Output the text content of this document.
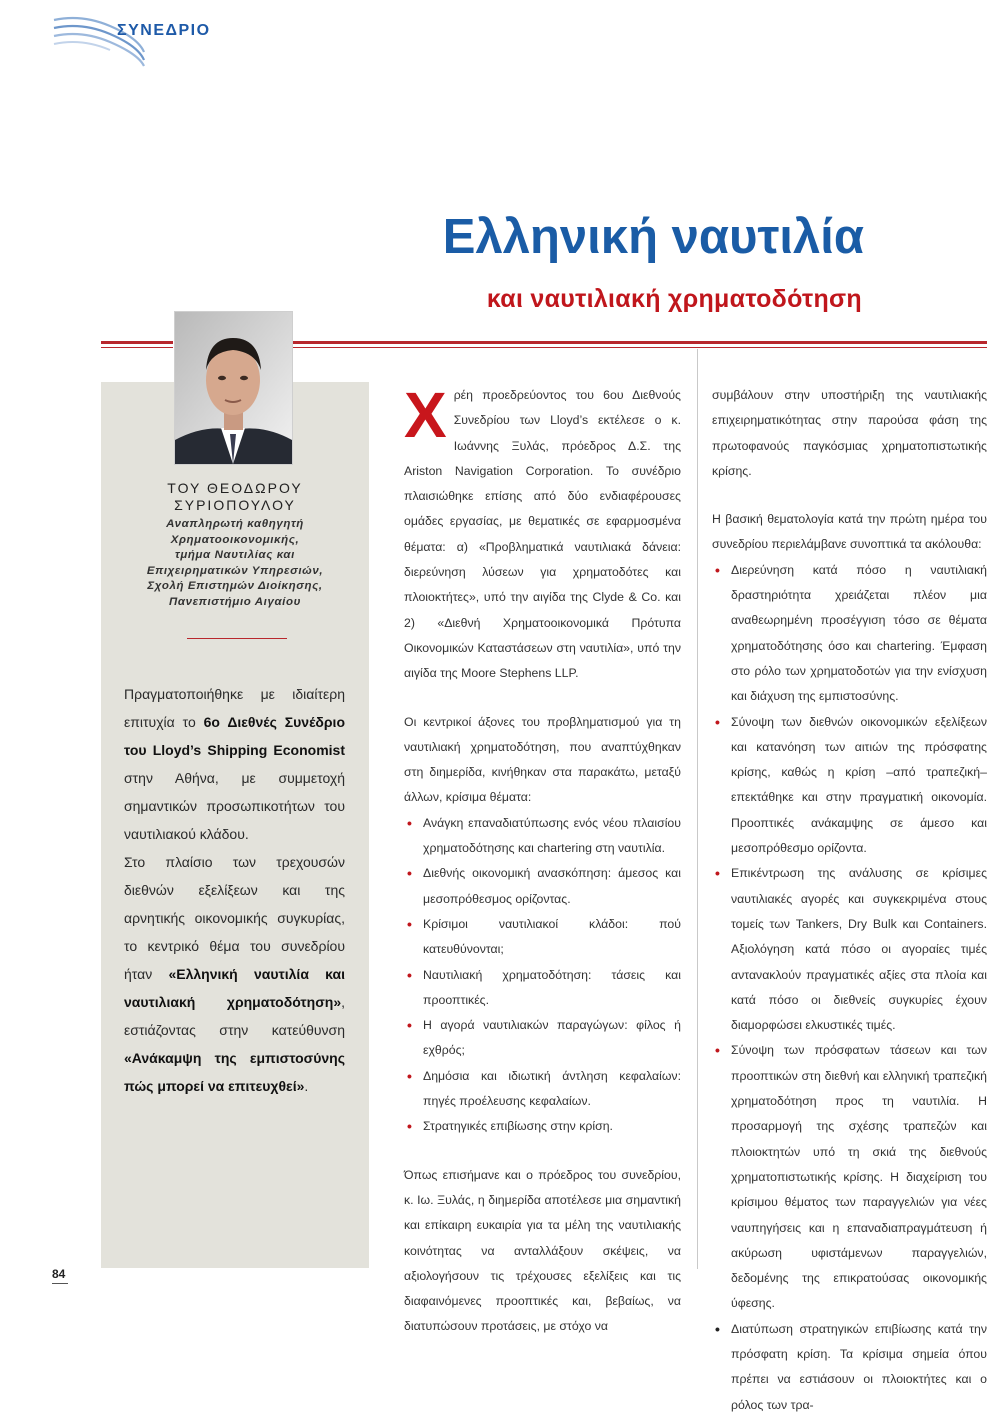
ΣΥΝΕΔΡΙΟ
Ελληνική ναυτιλία
και ναυτιλιακή χρηματοδότηση
ΤΟΥ ΘΕΟΔΩΡΟΥ
ΣΥΡΙΟΠΟΥΛΟΥ
Αναπληρωτή καθηγητή
Χρηματοοικονομικής,
τμήμα Ναυτιλίας και
Επιχειρηματικών Υπηρεσιών,
Σχολή Επιστημών Διοίκησης,
Πανεπιστήμιο Αιγαίου

Πραγματοποιήθηκε με ιδιαίτερη επιτυχία το 6ο Διεθνές Συνέδριο του Lloyd’s Shipping Economist στην Αθήνα, με συμμετοχή σημαντικών προσωπικοτήτων του ναυτιλιακού κλάδου.

Στο πλαίσιο των τρεχουσών διεθνών εξελίξεων και της αρνητικής οικονομικής συγκυρίας, το κεντρικό θέμα του συνεδρίου ήταν «Ελληνική ναυτιλία και ναυτιλιακή χρηματοδότηση», εστιάζοντας στην κατεύθυνση «Ανάκαμψη της εμπιστοσύνης πώς μπορεί να επιτευχθεί».

Χρέη προεδρεύοντος του 6ου Διεθνούς Συνεδρίου των Lloyd’s εκτέλεσε ο κ. Ιωάννης Ξυλάς, πρόεδρος Δ.Σ. της Ariston Navigation Corporation. Το συνέδριο πλαισιώθηκε επίσης από δύο ενδιαφέρουσες ομάδες εργασίας, με θεματικές σε εφαρμοσμένα θέματα: α) «Προβληματικά ναυτιλιακά δάνεια: διερεύνηση λύσεων για χρηματοδότες και πλοιοκτήτες», υπό την αιγίδα της Clyde & Co. και 2) «Διεθνή Χρηματοοικονομικά Πρότυπα Οικονομικών Καταστάσεων στη ναυτιλία», υπό την αιγίδα της Moore Stephens LLP.

Οι κεντρικοί άξονες του προβληματισμού για τη ναυτιλιακή χρηματοδότηση, που αναπτύχθηκαν στη διημερίδα, κινήθηκαν στα παρακάτω, μεταξύ άλλων, κρίσιμα θέματα:

• Ανάγκη επαναδιατύπωσης ενός νέου πλαισίου χρηματοδότησης και chartering στη ναυτιλία.
• Διεθνής οικονομική ανασκόπηση: άμεσος και μεσοπρόθεσμος ορίζοντας.
• Κρίσιμοι ναυτιλιακοί κλάδοι: πού κατευθύνονται;
• Ναυτιλιακή χρηματοδότηση: τάσεις και προοπτικές.
• Η αγορά ναυτιλιακών παραγώγων: φίλος ή εχθρός;
• Δημόσια και ιδιωτική άντληση κεφαλαίων: πηγές προέλευσης κεφαλαίων.
• Στρατηγικές επιβίωσης στην κρίση.

Όπως επισήμανε και ο πρόεδρος του συνεδρίου, κ. Ιω. Ξυλάς, η διημερίδα αποτέλεσε μια σημαντική και επίκαιρη ευκαιρία για τα μέλη της ναυτιλιακής κοινότητας να ανταλλάξουν σκέψεις, να αξιολογήσουν τις τρέχουσες εξελίξεις και τις διαφαινόμενες προοπτικές και, βεβαίως, να διατυπώσουν προτάσεις, με στόχο να

συμβάλουν στην υποστήριξη της ναυτιλιακής επιχειρηματικότητας στην παρούσα φάση της πρωτοφανούς παγκόσμιας χρηματοπιστωτικής κρίσης.

Η βασική θεματολογία κατά την πρώτη ημέρα του συνεδρίου περιελάμβανε συνοπτικά τα ακόλουθα:

• Διερεύνηση κατά πόσο η ναυτιλιακή δραστηριότητα χρειάζεται πλέον μια αναθεωρημένη προσέγγιση τόσο σε θέματα χρηματοδότησης όσο και chartering. Έμφαση στο ρόλο των χρηματοδοτών για την ενίσχυση και διάχυση της εμπιστοσύνης.
• Σύνοψη των διεθνών οικονομικών εξελίξεων και κατανόηση των αιτιών της πρόσφατης κρίσης, καθώς η κρίση –από τραπεζική– επεκτάθηκε και στην πραγματική οικονομία. Προοπτικές ανάκαμψης σε άμεσο και μεσοπρόθεσμο ορίζοντα.
• Επικέντρωση της ανάλυσης σε κρίσιμες ναυτιλιακές αγορές και συγκεκριμένα στους τομείς των Tankers, Dry Bulk και Containers. Αξιολόγηση κατά πόσο οι αγοραίες τιμές αντανακλούν πραγματικές αξίες στα πλοία και κατά πόσο οι διεθνείς συγκυρίες έχουν διαμορφώσει ελκυστικές τιμές.
• Σύνοψη των πρόσφατων τάσεων και των προοπτικών στη διεθνή και ελληνική τραπεζική χρηματοδότηση προς τη ναυτιλία. Η προσαρμογή της σχέσης τραπεζών και πλοιοκτητών υπό τη σκιά της διεθνούς χρηματοπιστωτικής κρίσης. Η διαχείριση του κρίσιμου θέματος των παραγγελιών για νέες ναυπηγήσεις και η επαναδιαπραγμάτευση ή ακύρωση υφιστάμενων παραγγελιών, δεδομένης της επικρατούσας οικονομικής ύφεσης.
• Διατύπωση στρατηγικών επιβίωσης κατά την πρόσφατη κρίση. Τα κρίσιμα σημεία όπου πρέπει να εστιάσουν οι πλοιοκτήτες και ο ρόλος των τρα-
84
